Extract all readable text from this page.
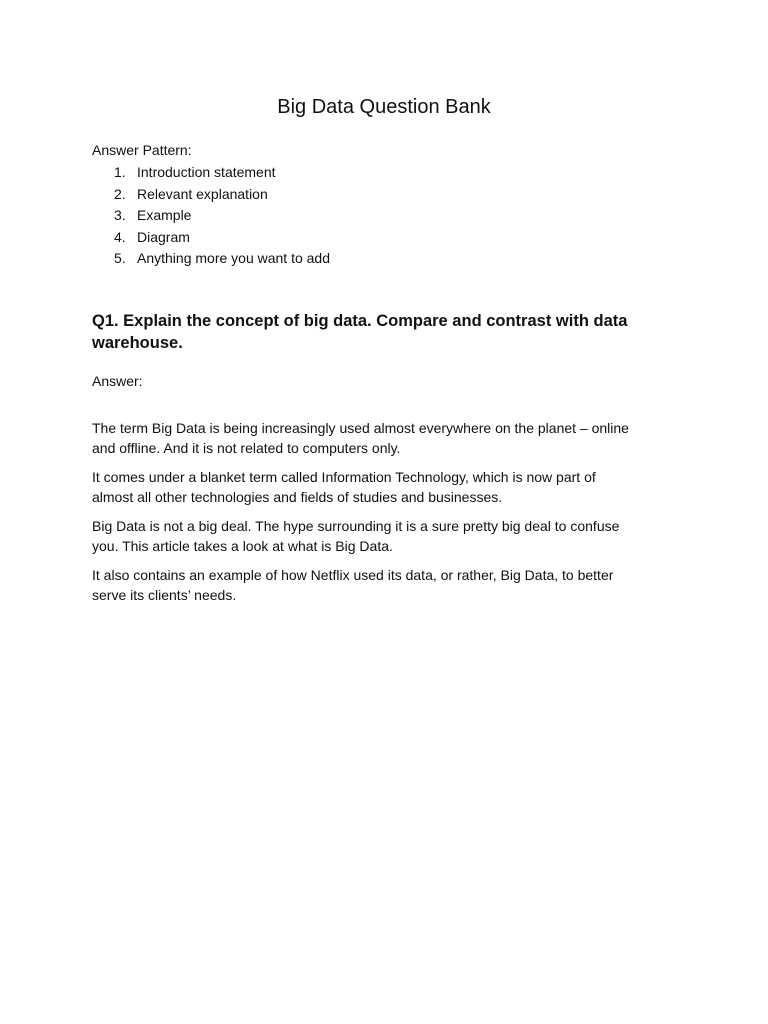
Big Data Question Bank

Answer Pattern:

1. Introduction statement
2. Relevant explanation
3. Example
4. Diagram
5. Anything more you want to add
Q1. Explain the concept of big data. Compare and contrast with data
warehouse.

Answer:

The term Big Data is being increasingly used almost everywhere on the planet – online
and offline. And it is not related to computers only.

It comes under a blanket term called Information Technology, which is now part of
almost all other technologies and fields of studies and businesses.

Big Data is not a big deal. The hype surrounding it is a sure pretty big deal to confuse
you. This article takes a look at what is Big Data.

It also contains an example of how Netflix used its data, or rather, Big Data, to better
serve its clients’ needs.
